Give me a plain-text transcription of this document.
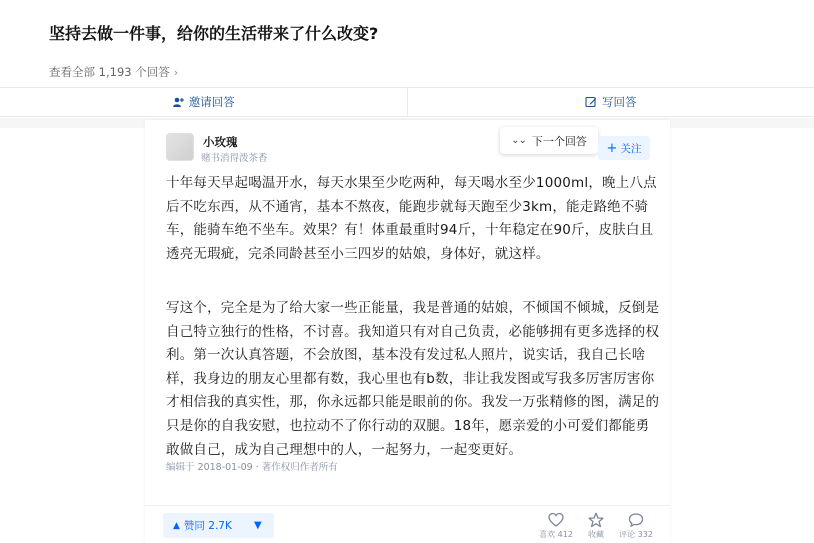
坚持去做一件事，给你的生活带来了什么改变?
查看全部 1,193 个回答 ›
邀请回答	写回答
小玫瑰
赌书消得泼茶香
⌄⌄ 下一个回答 + 关注
十年每天早起喝温开水，每天水果至少吃两种，每天喝水至少1000ml，晚上八点后不吃东西，从不通宵，基本不熬夜，能跑步就每天跑至少3km，能走路绝不骑车，能骑车绝不坐车。效果？有！体重最重时94斤，十年稳定在90斤，皮肤白且透亮无瑕疵，完杀同龄甚至小三四岁的姑娘，身体好，就这样。
写这个，完全是为了给大家一些正能量，我是普通的姑娘，不倾国不倾城，反倒是自己特立独行的性格，不讨喜。我知道只有对自己负责，必能够拥有更多选择的权利。第一次认真答题，不会放图，基本没有发过私人照片，说实话，我自己长啥样，我身边的朋友心里都有数，我心里也有b数，非让我发图或写我多厉害厉害你才相信我的真实性，那，你永远都只能是眼前的你。我发一万张精修的图，满足的只是你的自我安慰，也拉动不了你行动的双腿。18年，愿亲爱的小可爱们都能勇敢做自己，成为自己理想中的人，一起努力，一起变更好。
编辑于 2018-01-09 · 著作权归作者所有
▲ 赞同 2.7K ▼
喜欢 412 收藏 评论 332
